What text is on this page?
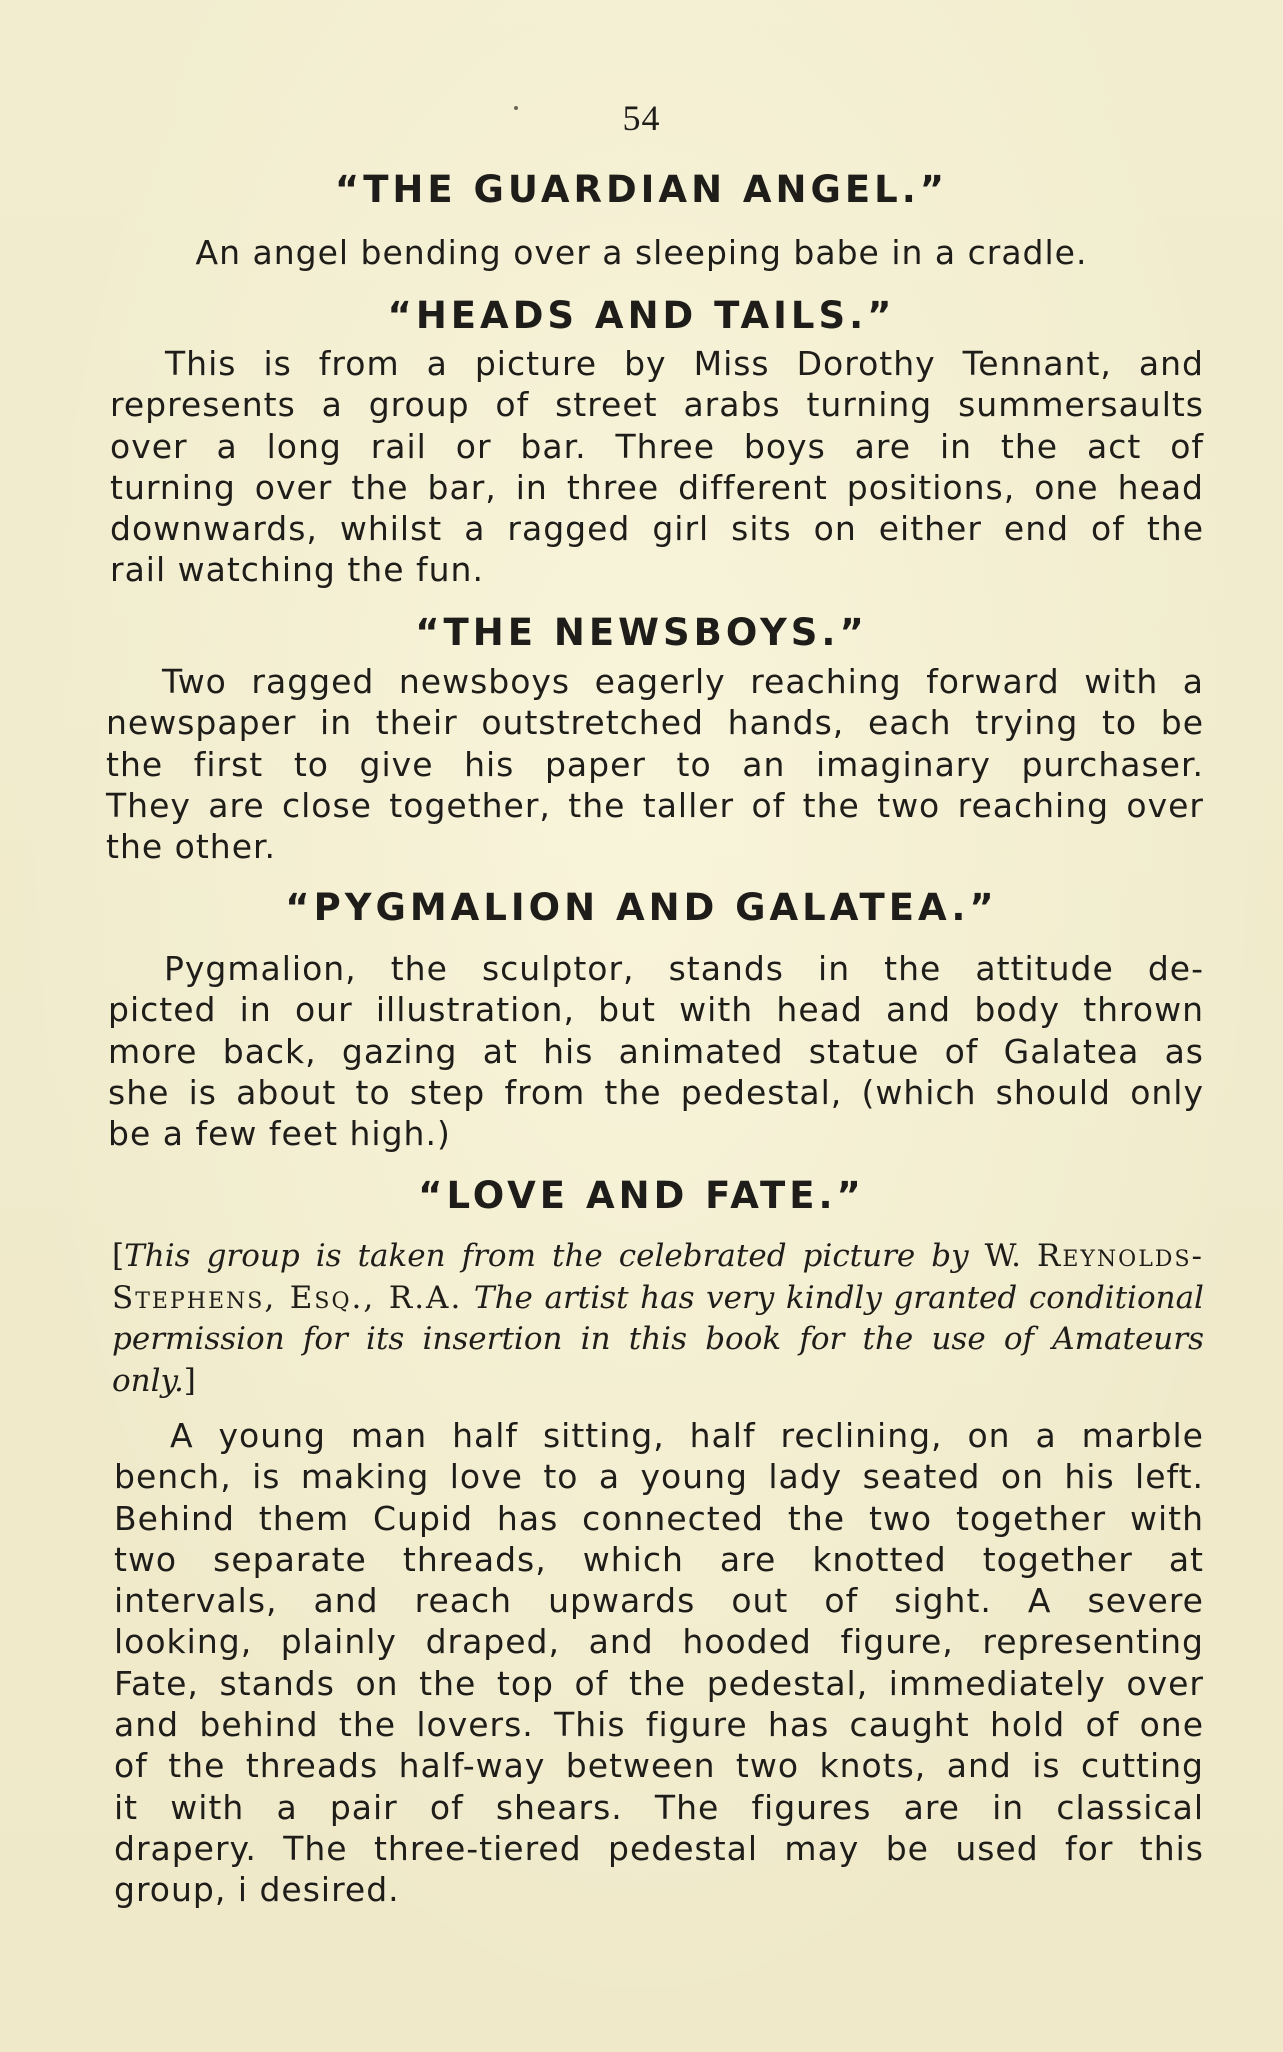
54
“THE GUARDIAN ANGEL.”
An angel bending over a sleeping babe in a cradle.
“HEADS AND TAILS.”
This is from a picture by Miss Dorothy Tennant, and
represents a group of street arabs turning summersaults
over a long rail or bar. Three boys are in the act of
turning over the bar, in three different positions, one head
downwards, whilst a ragged girl sits on either end of the
rail watching the fun.
“THE NEWSBOYS.”
Two ragged newsboys eagerly reaching forward with a
newspaper in their outstretched hands, each trying to be
the first to give his paper to an imaginary purchaser.
They are close together, the taller of the two reaching over
the other.
“PYGMALION AND GALATEA.”
Pygmalion, the sculptor, stands in the attitude de-
picted in our illustration, but with head and body thrown
more back, gazing at his animated statue of Galatea as
she is about to step from the pedestal, (which should only
be a few feet high.)
“LOVE AND FATE.”
[This group is taken from the celebrated picture by W. Reynolds-Stephens, Esq., R.A. The artist has very kindly granted conditional permission for its insertion in this book for the use of Amateurs only.]
A young man half sitting, half reclining, on a marble
bench, is making love to a young lady seated on his left.
Behind them Cupid has connected the two together with
two separate threads, which are knotted together at
intervals, and reach upwards out of sight. A severe
looking, plainly draped, and hooded figure, representing
Fate, stands on the top of the pedestal, immediately over
and behind the lovers. This figure has caught hold of one
of the threads half-way between two knots, and is cutting
it with a pair of shears. The figures are in classical
drapery. The three-tiered pedestal may be used for this
group, i desired.
